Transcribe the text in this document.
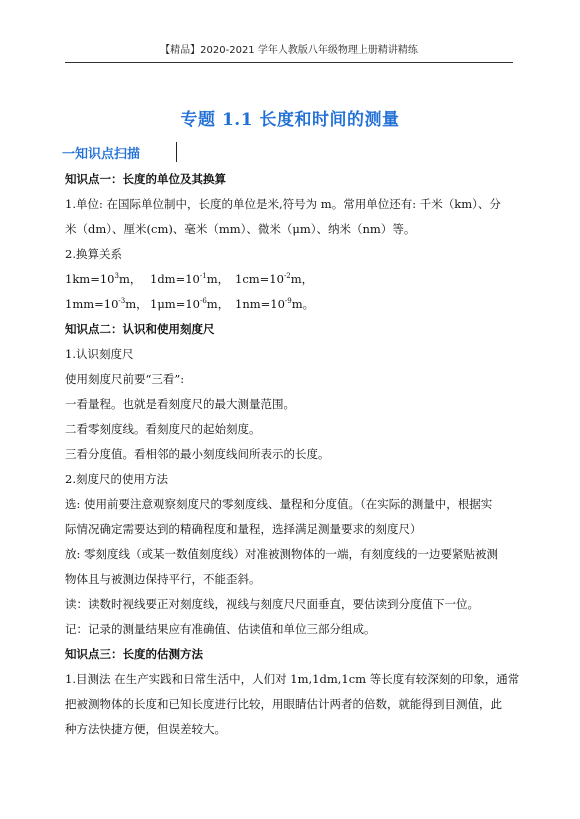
【精品】2020-2021 学年人教版八年级物理上册精讲精练
专题 1.1 长度和时间的测量
一知识点扫描

知识点一：长度的单位及其换算

1.单位: 在国际单位制中，长度的单位是米,符号为 m。常用单位还有: 千米（km）、分

米（dm）、厘米(cm)、毫米（mm）、微米（μm）、纳米（nm）等。

2.换算关系

$1km=10^3m$， $1dm=10^{-1}m$， $1cm=10^{-2}m$，
$1mm=10^{-3}m$， $1\mu m=10^{-6}m$， $1nm=10^{-9}m$。

知识点二：认识和使用刻度尺

1.认识刻度尺

使用刻度尺前要“三看”:

一看量程。也就是看刻度尺的最大测量范围。

二看零刻度线。看刻度尺的起始刻度。

三看分度值。看相邻的最小刻度线间所表示的长度。

2.刻度尺的使用方法

选: 使用前要注意观察刻度尺的零刻度线、量程和分度值。（在实际的测量中，根据实

际情况确定需要达到的精确程度和量程，选择满足测量要求的刻度尺）

放: 零刻度线（或某一数值刻度线）对准被测物体的一端，有刻度线的一边要紧贴被测

物体且与被测边保持平行，不能歪斜。

读：读数时视线要正对刻度线，视线与刻度尺尺面垂直，要估读到分度值下一位。

记：记录的测量结果应有准确值、估读值和单位三部分组成。

知识点三：长度的估测方法

1.目测法 在生产实践和日常生活中，人们对 1m,1dm,1cm 等长度有较深刻的印象，通常

把被测物体的长度和已知长度进行比较，用眼睛估计两者的倍数，就能得到目测值，此

种方法快捷方便，但误差较大。
